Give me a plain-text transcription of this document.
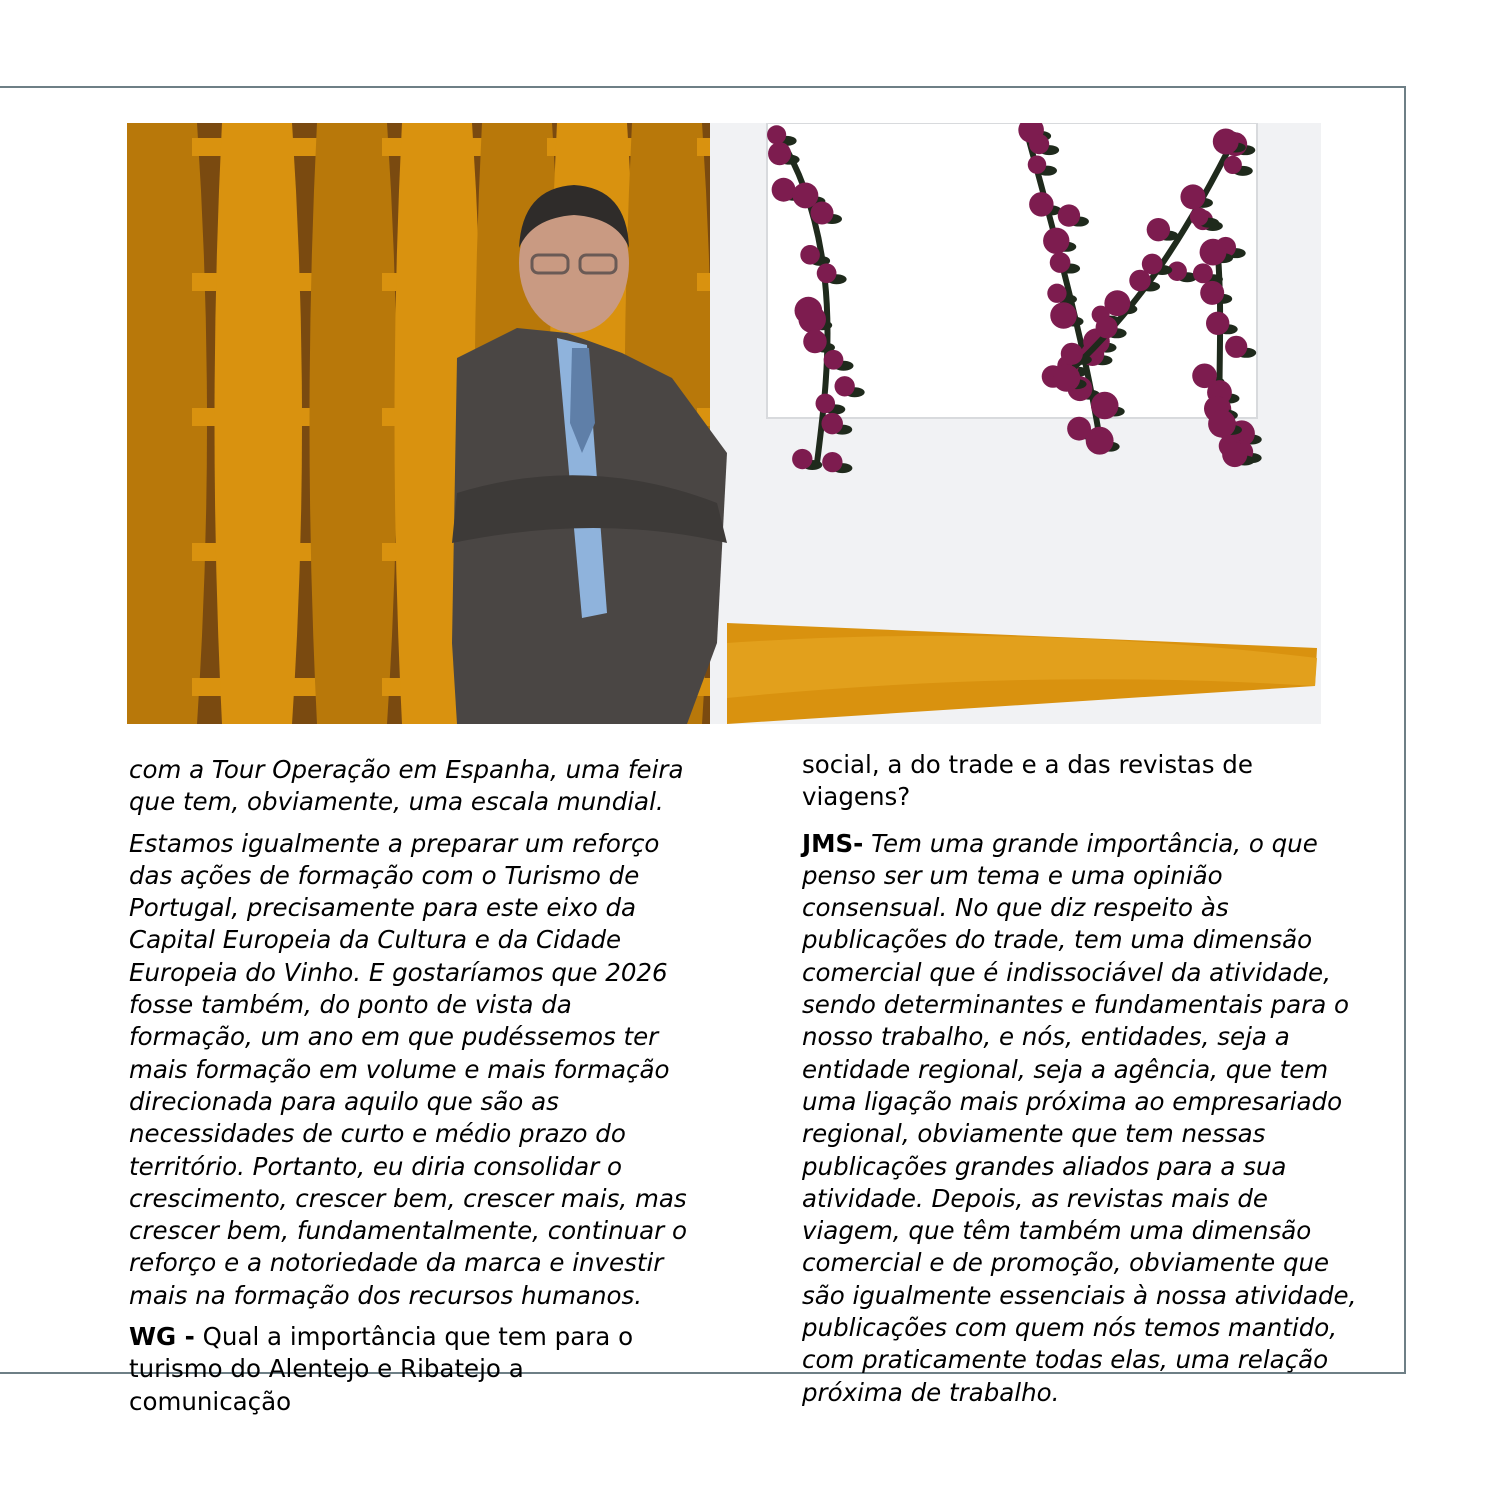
com a Tour Operação em Espanha, uma feira que tem, obviamente, uma escala mundial.

Estamos igualmente a preparar um reforço das ações de formação com o Turismo de Portugal, precisamente para este eixo da Capital Europeia da Cultura e da Cidade Europeia do Vinho. E gostaríamos que 2026 fosse também, do ponto de vista da formação, um ano em que pudéssemos ter mais formação em volume e mais formação direcionada para aquilo que são as necessidades de curto e médio prazo do território. Portanto, eu diria consolidar o crescimento, crescer bem, crescer mais, mas crescer bem, fundamentalmente, continuar o reforço e a notoriedade da marca e investir mais na formação dos recursos humanos.

WG - Qual a importância que tem para o turismo do Alentejo e Ribatejo a comunicação

social, a do trade e a das revistas de viagens?

JMS- Tem uma grande importância, o que penso ser um tema e uma opinião consensual. No que diz respeito às publicações do trade, tem uma dimensão comercial que é indissociável da atividade, sendo determinantes e fundamentais para o nosso trabalho, e nós, entidades, seja a entidade regional, seja a agência, que tem uma ligação mais próxima ao empresariado regional, obviamente que tem nessas publicações grandes aliados para a sua atividade. Depois, as revistas mais de viagem, que têm também uma dimensão comercial e de promoção, obviamente que são igualmente essenciais à nossa atividade, publicações com quem nós temos mantido, com praticamente todas elas, uma relação próxima de trabalho.
